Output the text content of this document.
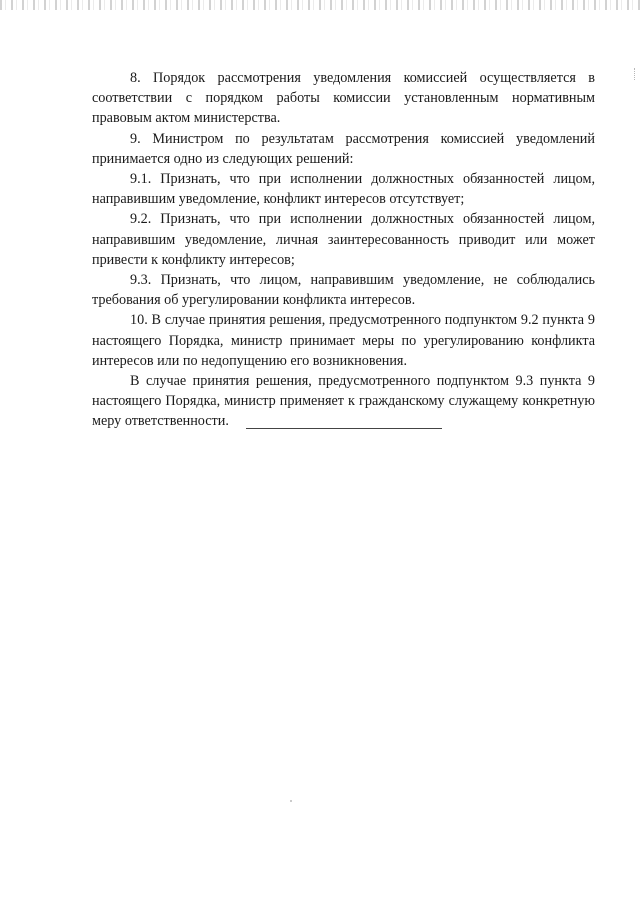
8. Порядок рассмотрения уведомления комиссией осуществляется в соответствии с порядком работы комиссии установленным нормативным правовым актом министерства.

9. Министром по результатам рассмотрения комиссией уведомлений принимается одно из следующих решений:

9.1. Признать, что при исполнении должностных обязанностей лицом, направившим уведомление, конфликт интересов отсутствует;

9.2. Признать, что при исполнении должностных обязанностей лицом, направившим уведомление, личная заинтересованность приводит или может привести к конфликту интересов;

9.3. Признать, что лицом, направившим уведомление, не соблюдались требования об урегулировании конфликта интересов.

10. В случае принятия решения, предусмотренного подпунктом 9.2 пункта 9 настоящего Порядка, министр принимает меры по урегулированию конфликта интересов или по недопущению его возникновения.

В случае принятия решения, предусмотренного подпунктом 9.3 пункта 9 настоящего Порядка, министр применяет к гражданскому служащему конкретную меру ответственности.
